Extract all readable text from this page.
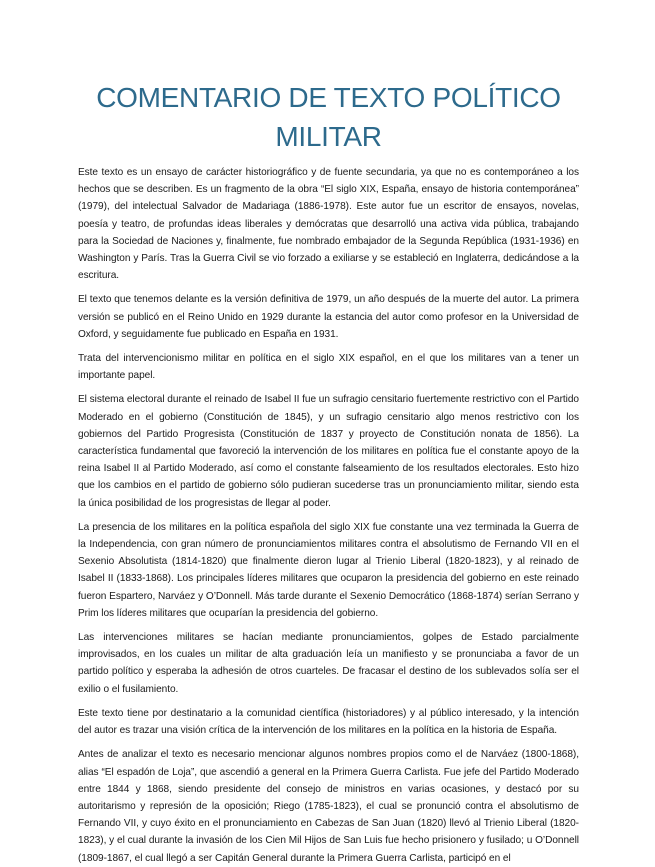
COMENTARIO DE TEXTO POLÍTICO
MILITAR

Este texto es un ensayo de carácter historiográfico y de fuente secundaria, ya que no es contemporáneo a los hechos que se describen. Es un fragmento de la obra “El siglo XIX, España, ensayo de historia contemporánea” (1979), del intelectual Salvador de Madariaga (1886-1978). Este autor fue un escritor de ensayos, novelas, poesía y teatro, de profundas ideas liberales y demócratas que desarrolló una activa vida pública, trabajando para la Sociedad de Naciones y, finalmente, fue nombrado embajador de la Segunda República (1931-1936) en Washington y París. Tras la Guerra Civil se vio forzado a exiliarse y se estableció en Inglaterra, dedicándose a la escritura.

El texto que tenemos delante es la versión definitiva de 1979, un año después de la muerte del autor. La primera versión se publicó en el Reino Unido en 1929 durante la estancia del autor como profesor en la Universidad de Oxford, y seguidamente fue publicado en España en 1931.

Trata del intervencionismo militar en política en el siglo XIX español, en el que los militares van a tener un importante papel.

El sistema electoral durante el reinado de Isabel II fue un sufragio censitario fuertemente restrictivo con el Partido Moderado en el gobierno (Constitución de 1845), y un sufragio censitario algo menos restrictivo con los gobiernos del Partido Progresista (Constitución de 1837 y proyecto de Constitución nonata de 1856). La característica fundamental que favoreció la intervención de los militares en política fue el constante apoyo de la reina Isabel II al Partido Moderado, así como el constante falseamiento de los resultados electorales. Esto hizo que los cambios en el partido de gobierno sólo pudieran sucederse tras un pronunciamiento militar, siendo esta la única posibilidad de los progresistas de llegar al poder.

La presencia de los militares en la política española del siglo XIX fue constante una vez terminada la Guerra de la Independencia, con gran número de pronunciamientos militares contra el absolutismo de Fernando VII en el Sexenio Absolutista (1814-1820) que finalmente dieron lugar al Trienio Liberal (1820-1823), y al reinado de Isabel II (1833-1868). Los principales líderes militares que ocuparon la presidencia del gobierno en este reinado fueron Espartero, Narváez y O’Donnell. Más tarde durante el Sexenio Democrático (1868-1874) serían Serrano y Prim los líderes militares que ocuparían la presidencia del gobierno.

Las intervenciones militares se hacían mediante pronunciamientos, golpes de Estado parcialmente improvisados, en los cuales un militar de alta graduación leía un manifiesto y se pronunciaba a favor de un partido político y esperaba la adhesión de otros cuarteles. De fracasar el destino de los sublevados solía ser el exilio o el fusilamiento.

Este texto tiene por destinatario a la comunidad científica (historiadores) y al público interesado, y la intención del autor es trazar una visión crítica de la intervención de los militares en la política en la historia de España.

Antes de analizar el texto es necesario mencionar algunos nombres propios como el de Narváez (1800-1868), alias “El espadón de Loja”, que ascendió a general en la Primera Guerra Carlista. Fue jefe del Partido Moderado entre 1844 y 1868, siendo presidente del consejo de ministros en varias ocasiones, y destacó por su autoritarismo y represión de la oposición; Riego (1785-1823), el cual se pronunció contra el absolutismo de Fernando VII, y cuyo éxito en el pronunciamiento en Cabezas de San Juan (1820) llevó al Trienio Liberal (1820-1823), y el cual durante la invasión de los Cien Mil Hijos de San Luis fue hecho prisionero y fusilado; u O’Donnell (1809-1867, el cual llegó a ser Capitán General durante la Primera Guerra Carlista, participó en el
